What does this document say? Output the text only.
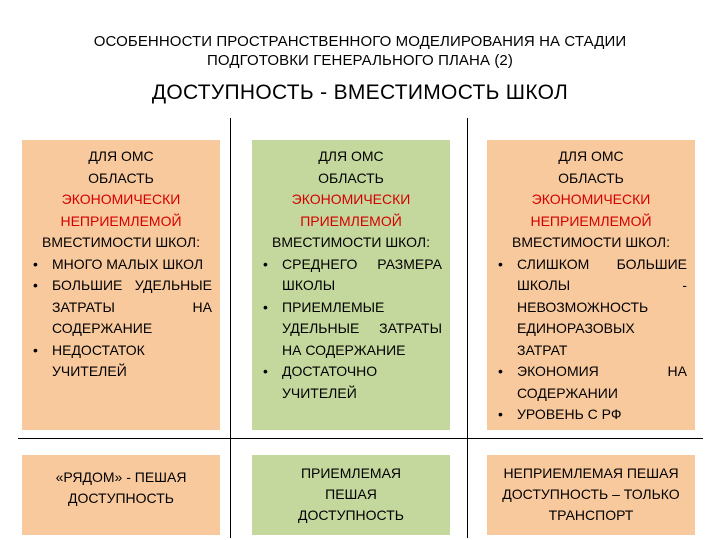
ОСОБЕННОСТИ ПРОСТРАНСТВЕННОГО МОДЕЛИРОВАНИЯ НА СТАДИИ
ПОДГОТОВКИ ГЕНЕРАЛЬНОГО ПЛАНА (2)
ДОСТУПНОСТЬ - ВМЕСТИМОСТЬ ШКОЛ
ДЛЯ ОМС
ОБЛАСТЬ
ЭКОНОМИЧЕСКИ
НЕПРИЕМЛЕМОЙ
ВМЕСТИМОСТИ ШКОЛ:
• МНОГО МАЛЫХ ШКОЛ
• БОЛЬШИЕ УДЕЛЬНЫЕ ЗАТРАТЫ НА СОДЕРЖАНИЕ
• НЕДОСТАТОК УЧИТЕЛЕЙ
ДЛЯ ОМС
ОБЛАСТЬ
ЭКОНОМИЧЕСКИ
ПРИЕМЛЕМОЙ
ВМЕСТИМОСТИ ШКОЛ:
• СРЕДНЕГО РАЗМЕРА ШКОЛЫ
• ПРИЕМЛЕМЫЕ УДЕЛЬНЫЕ ЗАТРАТЫ НА СОДЕРЖАНИЕ
• ДОСТАТОЧНО УЧИТЕЛЕЙ
ДЛЯ ОМС
ОБЛАСТЬ
ЭКОНОМИЧЕСКИ
НЕПРИЕМЛЕМОЙ
ВМЕСТИМОСТИ ШКОЛ:
• СЛИШКОМ БОЛЬШИЕ ШКОЛЫ - НЕВОЗМОЖНОСТЬ ЕДИНОРАЗОВЫХ ЗАТРАТ
• ЭКОНОМИЯ НА СОДЕРЖАНИИ
• УРОВЕНЬ С РФ
«РЯДОМ» - ПЕШАЯ ДОСТУПНОСТЬ
ПРИЕМЛЕМАЯ ПЕШАЯ ДОСТУПНОСТЬ
НЕПРИЕМЛЕМАЯ ПЕШАЯ ДОСТУПНОСТЬ – ТОЛЬКО ТРАНСПОРТ
